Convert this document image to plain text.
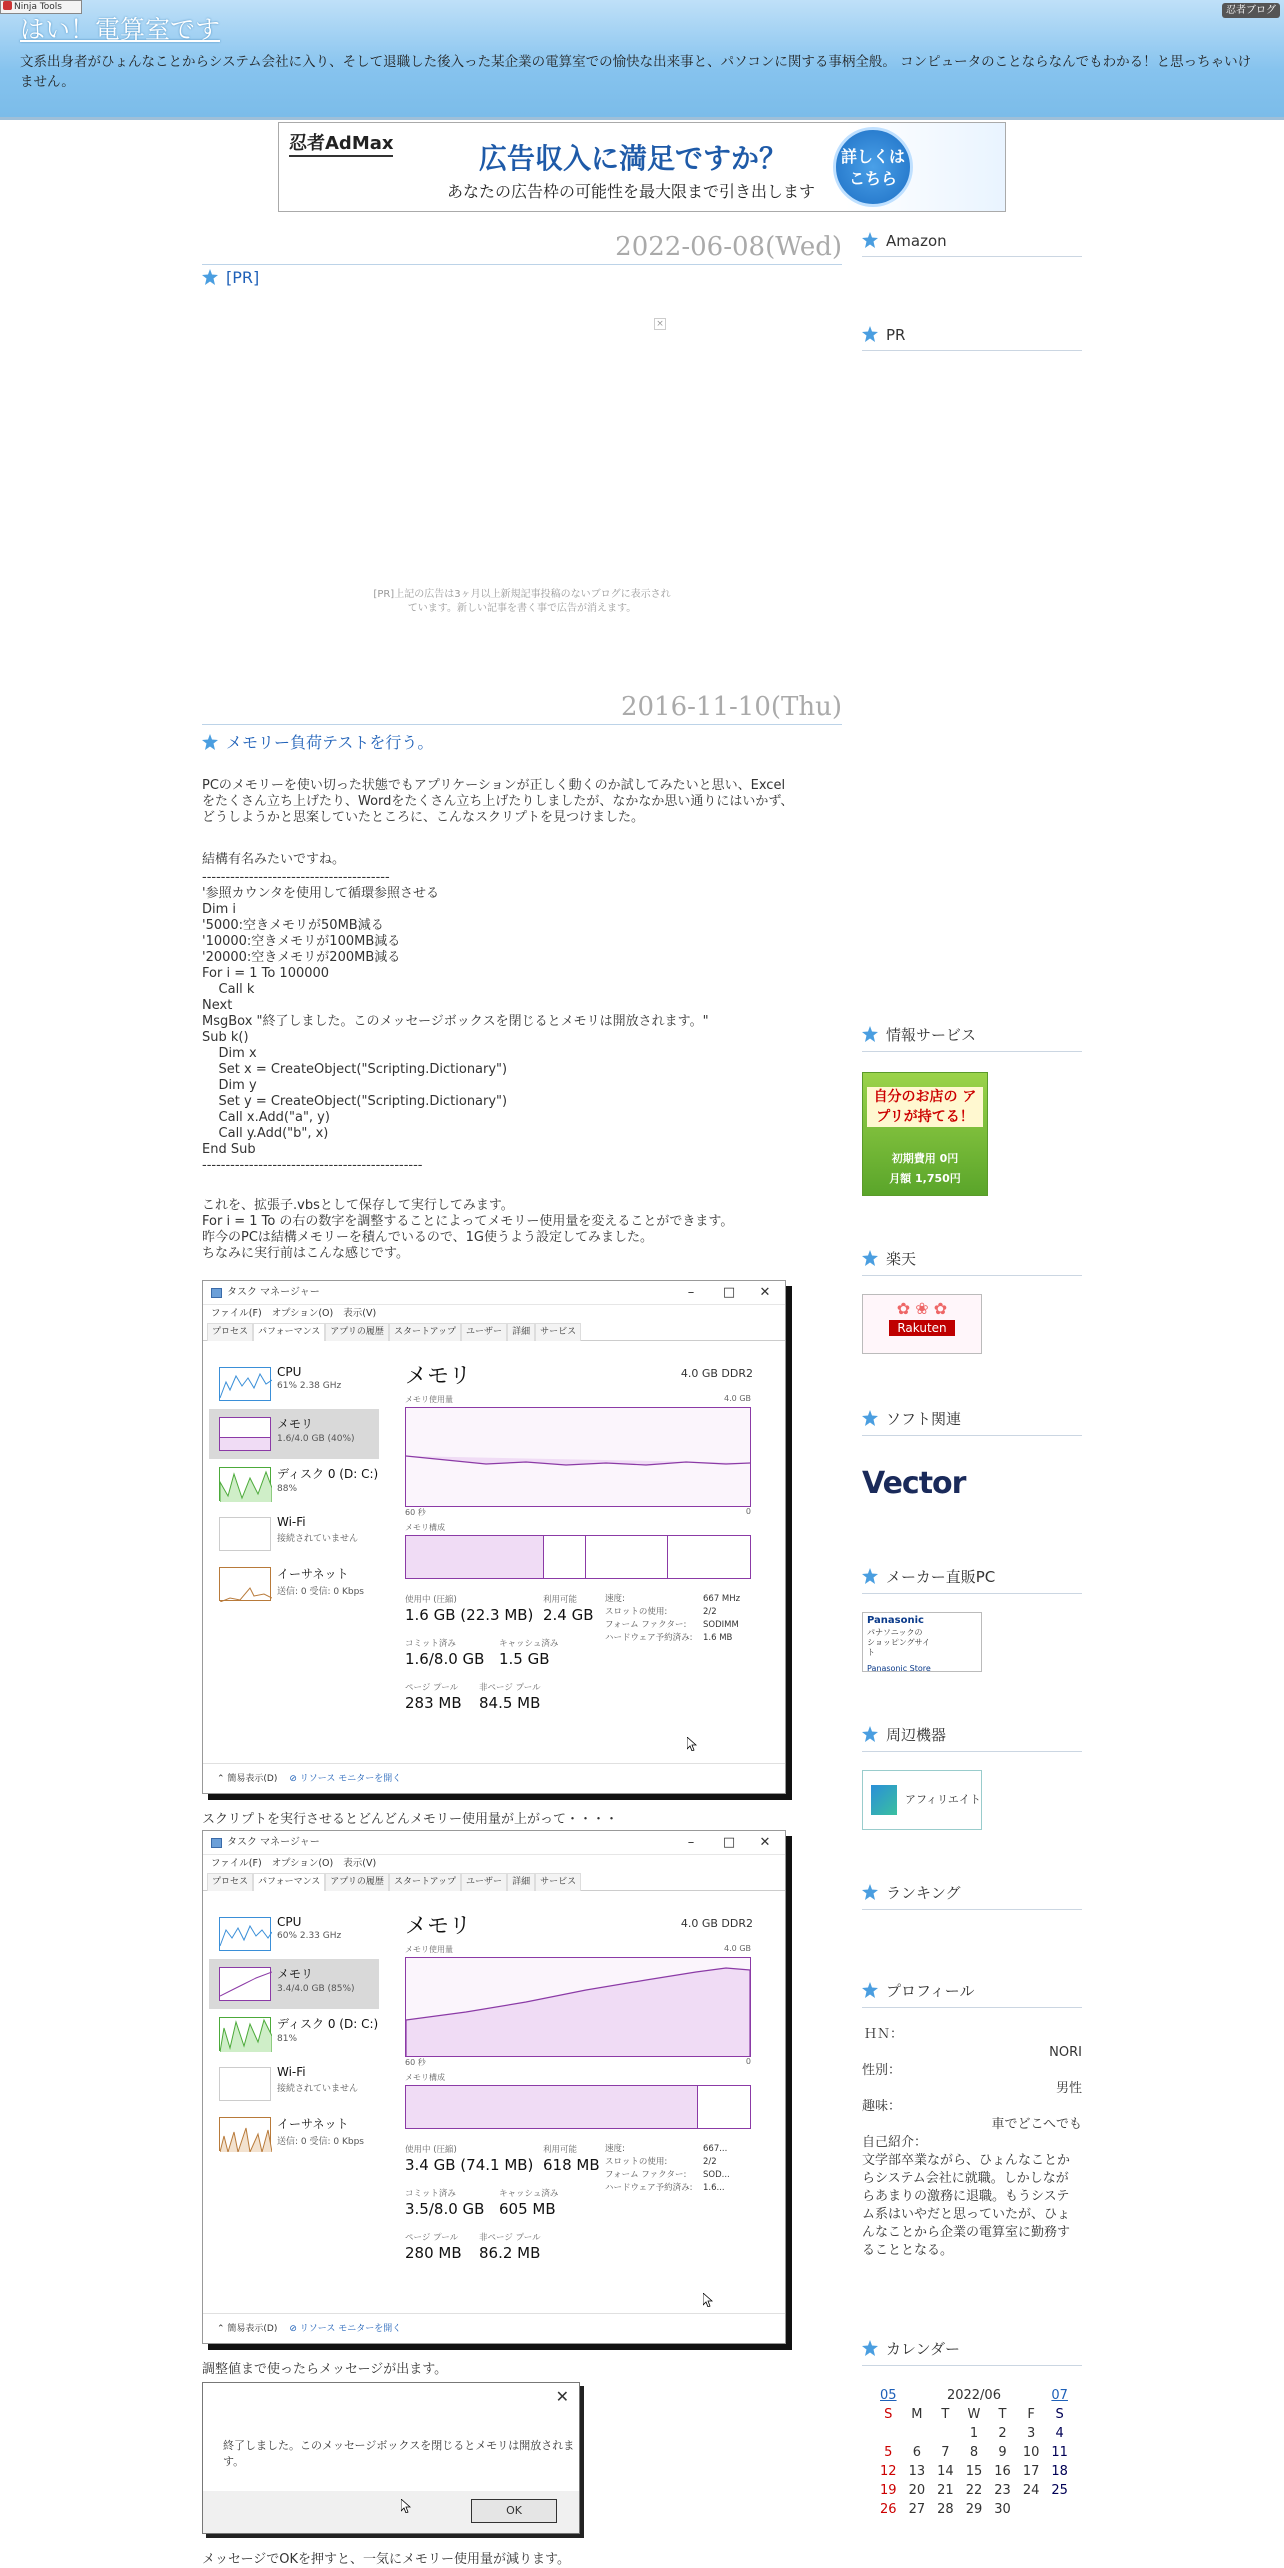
はい！電算室です
文系出身者がひょんなことからシステム会社に入り、そして退職した後入った某企業の電算室での愉快な出来事と、パソコンに関する事柄全般。 コンピュータのことならなんでもわかる！と思っちゃいけません。
Ninja Tools	忍者ブログ
忍者AdMax	広告収入に満足ですか？
あなたの広告枠の可能性を最大限まで引き出します
詳しくは こちら
2022-06-08(Wed)
[PR]
×
[PR]上記の広告は3ヶ月以上新規記事投稿のないブログに表示されています。新しい記事を書く事で広告が消えます。
2016-11-10(Thu)
メモリー負荷テストを行う。
PCのメモリーを使い切った状態でもアプリケーションが正しく動くのか試してみたいと思い、Excel
をたくさん立ち上げたり、Wordをたくさん立ち上げたりしましたが、なかなか思い通りにはいかず、
どうしようかと思案していたところに、こんなスクリプトを見つけました。
結構有名みたいですね。
----------------------------------------
'参照カウンタを使用して循環参照させる
Dim i
'5000:空きメモリが50MB減る
'10000:空きメモリが100MB減る
'20000:空きメモリが200MB減る
For i = 1 To 100000
Call k
Next
MsgBox "終了しました。このメッセージボックスを閉じるとメモリは開放されます。"
Sub k()
Dim x
Set x = CreateObject("Scripting.Dictionary")
Dim y
Set y = CreateObject("Scripting.Dictionary")
Call x.Add("a", y)
Call y.Add("b", x)
End Sub
-----------------------------------------------
これを、拡張子.vbsとして保存して実行してみます。
For i = 1 To の右の数字を調整することによってメモリー使用量を変えることができます。
昨今のPCは結構メモリーを積んでいるので、1G使うよう設定してみました。
ちなみに実行前はこんな感じです。
タスク マネージャー	–	□	✕
ファイル(F) オプション(O) 表示(V)
プロセス パフォーマンス アプリの履歴 スタートアップ ユーザー 詳細 サービス
CPU
61% 2.38 GHz
メモリ
1.6/4.0 GB (40%)
ディスク 0 (D: C:)
88%
Wi-Fi
接続されていません
イーサネット
送信: 0 受信: 0 Kbps
メモリ	4.0 GB DDR2
メモリ使用量	4.0 GB
60 秒	0
メモリ構成
使用中 (圧縮)
1.6 GB (22.3 MB)
利用可能
2.4 GB
コミット済み
1.6/8.0 GB
キャッシュ済み
1.5 GB
ページ プール
283 MB
非ページ プール
84.5 MB
速度:	667 MHz
スロットの使用:	2/2
フォーム ファクター: SODIMM
ハードウェア予約済み: 1.6 MB
⌃ 簡易表示(D) ⊘ リソース モニターを開く
スクリプトを実行させるとどんどんメモリー使用量が上がって・・・・
タスク マネージャー	–	□	✕
ファイル(F) オプション(O) 表示(V)
プロセス パフォーマンス アプリの履歴 スタートアップ ユーザー 詳細 サービス
CPU
60% 2.33 GHz
メモリ
3.4/4.0 GB (85%)
ディスク 0 (D: C:)
81%
Wi-Fi
接続されていません
イーサネット
送信: 0 受信: 0 Kbps
メモリ	4.0 GB DDR2
メモリ使用量	4.0 GB
60 秒	0
メモリ構成
使用中 (圧縮)
3.4 GB (74.1 MB)
利用可能
618 MB
コミット済み
3.5/8.0 GB
キャッシュ済み
605 MB
ページ プール
280 MB
非ページ プール
86.2 MB
速度:	667...
スロットの使用:	2/2
フォーム ファクター: SOD...
ハードウェア予約済み: 1.6...
⌃ 簡易表示(D) ⊘ リソース モニターを開く
調整値まで使ったらメッセージが出ます。
✕
終了しました。このメッセージボックスを閉じるとメモリは開放されます。
OK
メッセージでOKを押すと、一気にメモリー使用量が減ります。
Amazon
PR
情報サービス
自分のお店の アプリが持てる！
初期費用 0円
月額 1,750円
楽天
✿ ❀ ✿
Rakuten
ソフト関連
Vector
メーカー直販PC
Panasonic
パナソニックの ショッピングサイト
Panasonic Store
周辺機器
アフィリエイト
ランキング
プロフィール
ＨＮ：
NORI
性別：
男性
趣味：
車でどこへでも
自己紹介：
文学部卒業ながら、ひょんなことからシステム会社に就職。しかしながらあまりの激務に退職。もうシステム系はいやだと思っていたが、ひょんなことから企業の電算室に勤務することとなる。
カレンダー
05	2022/06					07
S	M	T	W	T	F	S
			1	2	3	4
5	6	7	8	9	10	11
12	13	14	15	16	17	18
19	20	21	22	23	24	25
26	27	28	29	30		
